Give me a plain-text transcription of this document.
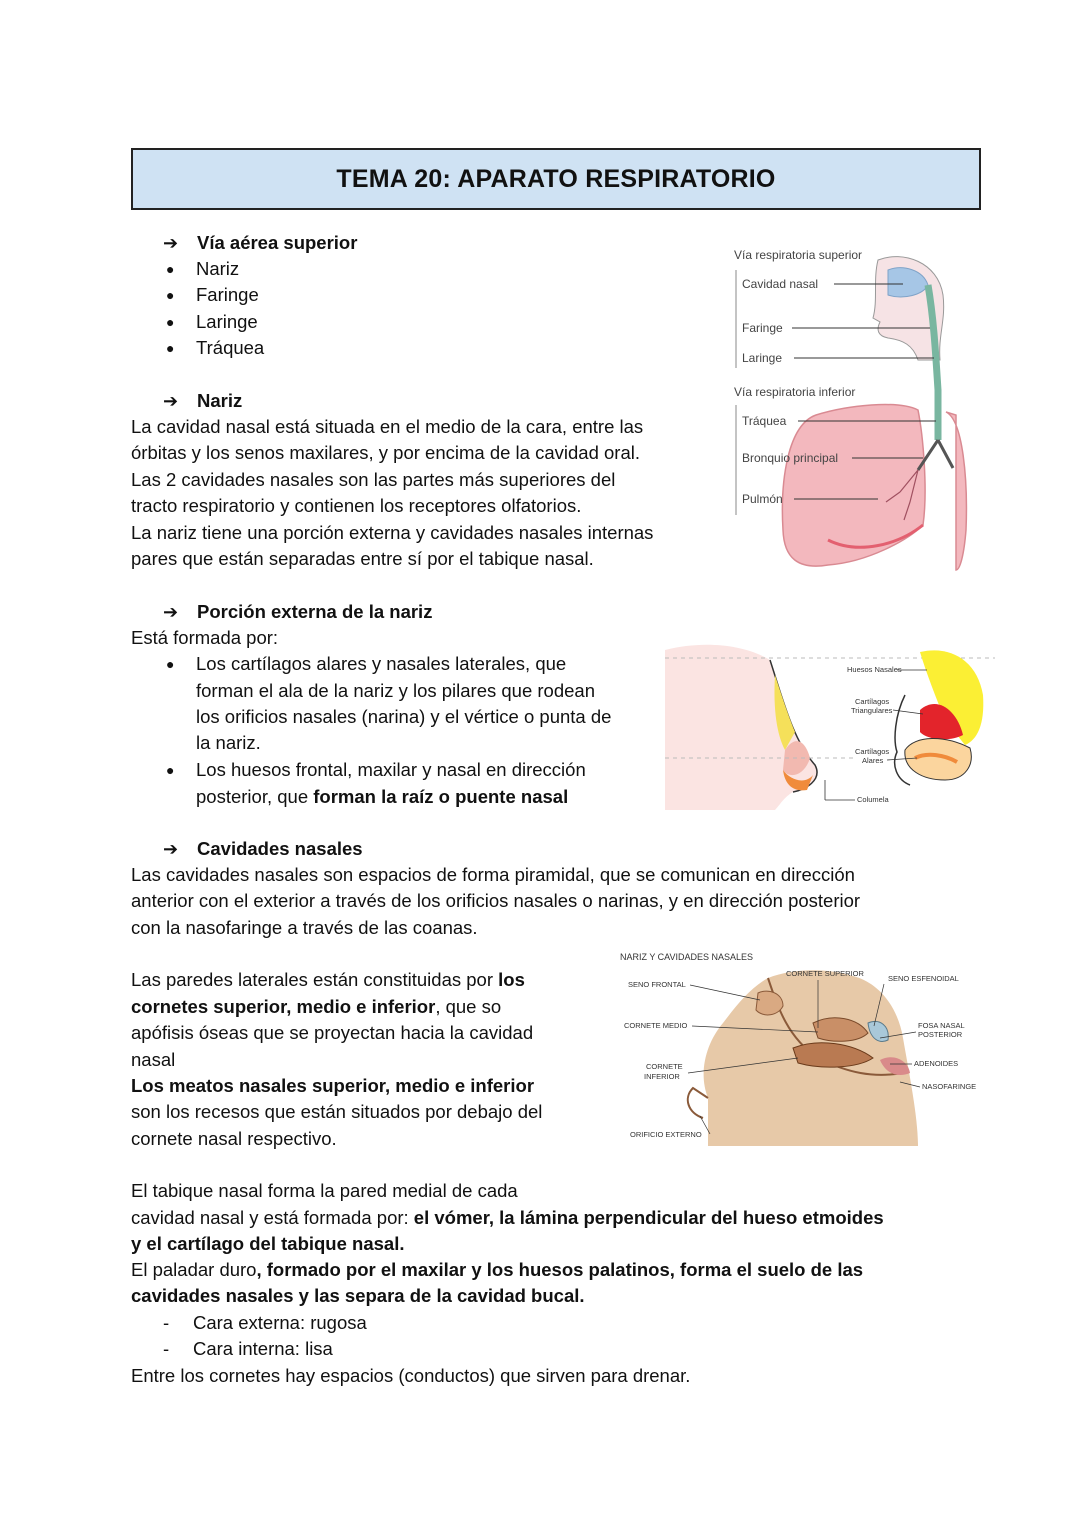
TEMA 20: APARATO RESPIRATORIO
➔ Vía aérea superior
● Nariz
● Faringe
● Laringe
● Tráquea
➔ Nariz
La cavidad nasal está situada en el medio de la cara, entre las
órbitas y los senos maxilares, y por encima de la cavidad oral.
Las 2 cavidades nasales son las partes más superiores del
tracto respiratorio y contienen los receptores olfatorios.
La nariz tiene una porción externa y cavidades nasales internas
pares que están separadas entre sí por el tabique nasal.
➔ Porción externa de la nariz
Está formada por:
● Los cartílagos alares y nasales laterales, que
forman el ala de la nariz y los pilares que rodean
los orificios nasales (narina) y el vértice o punta de
la nariz.
● Los huesos frontal, maxilar y nasal en dirección
posterior, que forman la raíz o puente nasal
➔ Cavidades nasales
Las cavidades nasales son espacios de forma piramidal, que se comunican en dirección
anterior con el exterior a través de los orificios nasales o narinas, y en dirección posterior
con la nasofaringe a través de las coanas.
Las paredes laterales están constituidas por los
cornetes superior, medio e inferior, que so
apófisis óseas que se proyectan hacia la cavidad
nasal
Los meatos nasales superior, medio e inferior
son los recesos que están situados por debajo del
cornete nasal respectivo.
El tabique nasal forma la pared medial de cada
cavidad nasal y está formada por: el vómer, la lámina perpendicular del hueso etmoides
y el cartílago del tabique nasal.
El paladar duro, formado por el maxilar y los huesos palatinos, forma el suelo de las
cavidades nasales y las separa de la cavidad bucal.
- Cara externa: rugosa
- Cara interna: lisa
Entre los cornetes hay espacios (conductos) que sirven para drenar.
Vía respiratoria superior
Vía respiratoria inferior
Cavidad nasal
Faringe
Laringe
Tráquea
Bronquio principal
Pulmón
Huesos Nasales
Cartílagos
Triangulares
Cartílagos
Alares
Columela
NARIZ Y CAVIDADES NASALES
CORNETE SUPERIOR
SENO ESFENOIDAL
SENO FRONTAL
CORNETE MEDIO	FOSA NASAL
POSTERIOR
ADENOIDES
CORNETE
INFERIOR
NASOFARINGE
ORIFICIO EXTERNO
